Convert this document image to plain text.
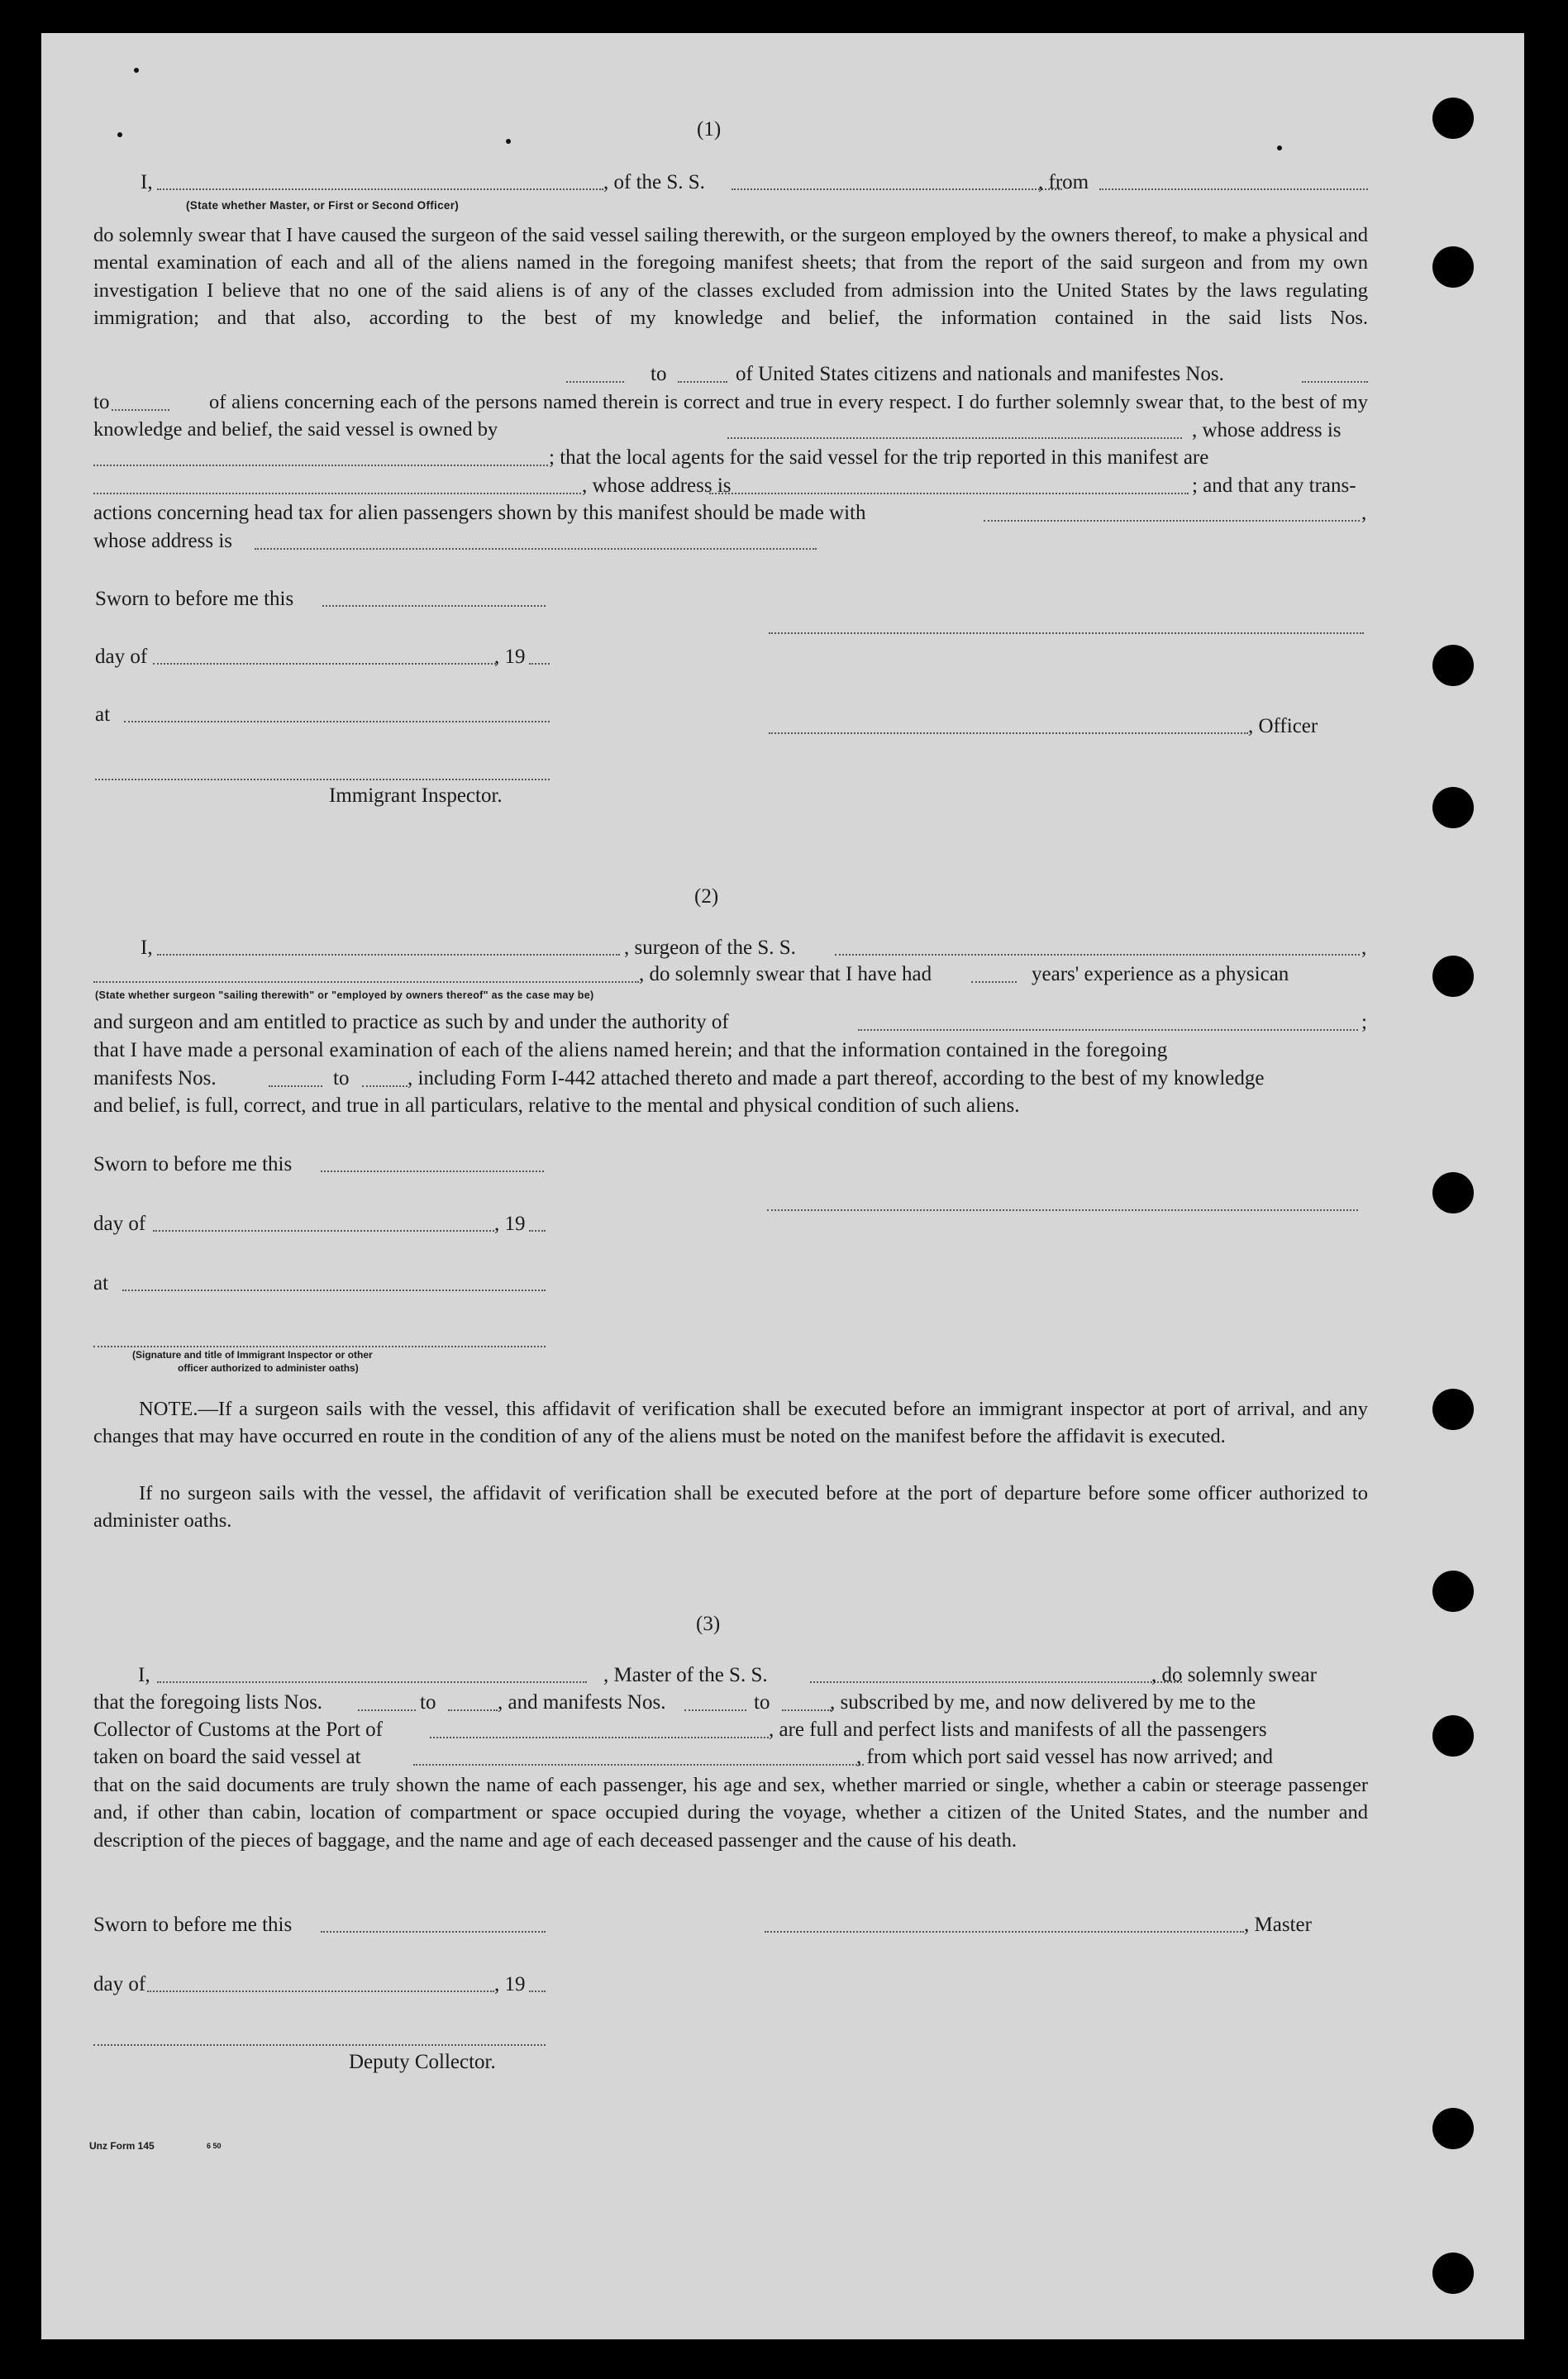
(1)
I,	, of the S. S.	, from
(State whether Master, or First or Second Officer)
do solemnly swear that I have caused the surgeon of the said vessel sailing therewith, or the surgeon employed by the owners thereof, to make a physical and mental examination of each and all of the aliens named in the foregoing manifest sheets; that from the report of the said surgeon and from my own investigation I believe that no one of the said aliens is of any of the classes excluded from admission into the United States by the laws regulating immigration; and that also, according to the best of my knowledge and belief, the information contained in the said lists Nos.
to	of United States citizens and nationals and manifestes Nos.
to	of aliens concerning each of the persons named therein is correct and true in every respect. I do further solemnly swear that, to the best of my knowledge and belief, the said vessel is owned by	, whose address is
; that the local agents for the said vessel for the trip reported in this manifest are
, whose address is	; and that any trans-
actions concerning head tax for alien passengers shown by this manifest should be made with	,
whose address is
Sworn to before me this
day of	, 19
at
, Officer
Immigrant Inspector.
(2)
I,	, surgeon of the S. S.	,
, do solemnly swear that I have had	years' experience as a physican
(State whether surgeon "sailing therewith" or "employed by owners thereof" as the case may be)
and surgeon and am entitled to practice as such by and under the authority of	;
that I have made a personal examination of each of the aliens named herein; and that the information contained in the foregoing
manifests Nos.	to	, including Form I-442 attached thereto and made a part thereof, according to the best of my knowledge
and belief, is full, correct, and true in all particulars, relative to the mental and physical condition of such aliens.
Sworn to before me this
day of	, 19
at
(Signature and title of Immigrant Inspector or other
officer authorized to administer oaths)
NOTE.—If a surgeon sails with the vessel, this affidavit of verification shall be executed before an immigrant inspector at port of arrival, and any changes that may have occurred en route in the condition of any of the aliens must be noted on the manifest before the affidavit is executed.
If no surgeon sails with the vessel, the affidavit of verification shall be executed before at the port of departure before some officer authorized to administer oaths.
(3)
I,	, Master of the S. S.	, do solemnly swear
that the foregoing lists Nos.	to	, and manifests Nos.	to	, subscribed by me, and now delivered by me to the
Collector of Customs at the Port of	, are full and perfect lists and manifests of all the passengers
taken on board the said vessel at	, from which port said vessel has now arrived; and
that on the said documents are truly shown the name of each passenger, his age and sex, whether married or single, whether a cabin or steerage passenger and, if other than cabin, location of compartment or space occupied during the voyage, whether a citizen of the United States, and the number and description of the pieces of baggage, and the name and age of each deceased passenger and the cause of his death.
Sworn to before me this	, Master
day of	, 19
Deputy Collector.
Unz Form 145	6 50
